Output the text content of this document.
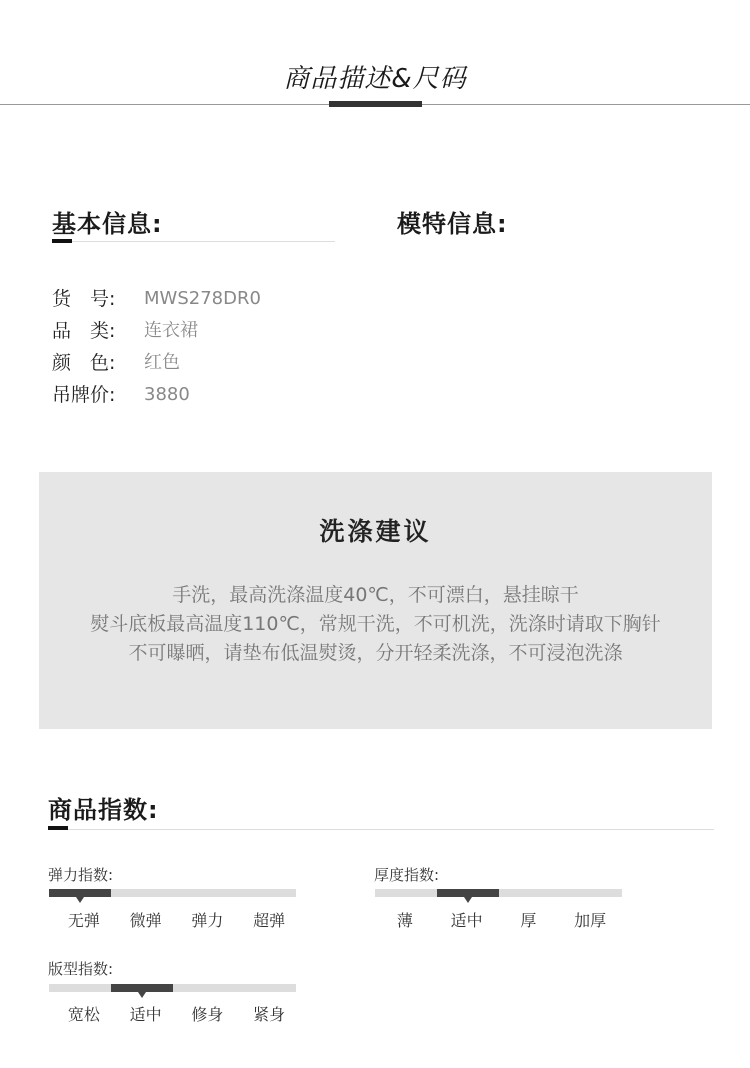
商品描述&尺码
基本信息:	模特信息:
货　号:	MWS278DR0
品　类:	连衣裙
颜　色:	红色
吊牌价:	3880
洗涤建议
手洗，最高洗涤温度40℃，不可漂白，悬挂晾干
熨斗底板最高温度110℃，常规干洗，不可机洗，洗涤时请取下胸针
不可曝晒，请垫布低温熨烫，分开轻柔洗涤，不可浸泡洗涤
商品指数:
弹力指数:
无弹	微弹	弹力	超弹
厚度指数:
薄	适中	厚	加厚
版型指数:
宽松	适中	修身	紧身
